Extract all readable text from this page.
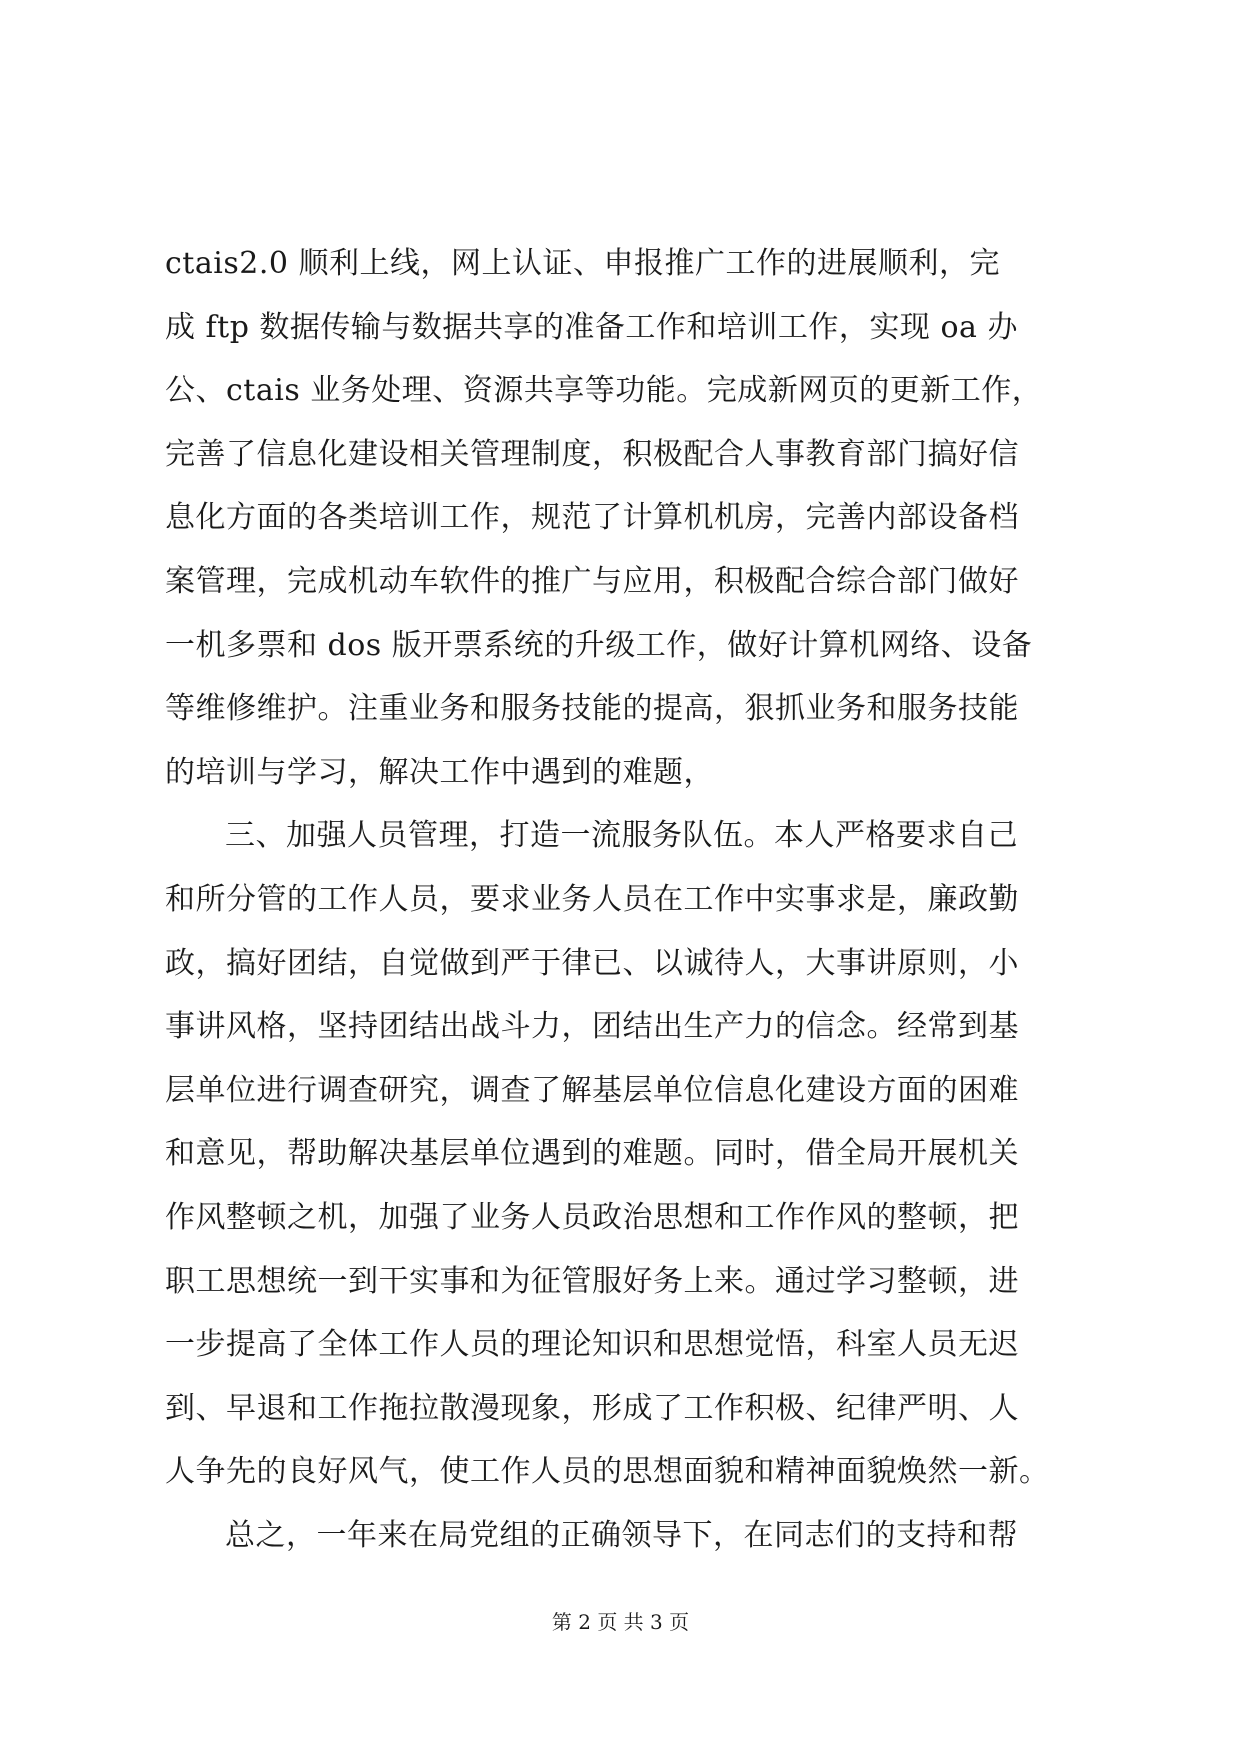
ctais2.0 顺利上线，网上认证、申报推广工作的进展顺利，完
成 ftp 数据传输与数据共享的准备工作和培训工作，实现 oa 办
公、ctais 业务处理、资源共享等功能。完成新网页的更新工作，
完善了信息化建设相关管理制度，积极配合人事教育部门搞好信
息化方面的各类培训工作，规范了计算机机房，完善内部设备档
案管理，完成机动车软件的推广与应用，积极配合综合部门做好
一机多票和 dos 版开票系统的升级工作，做好计算机网络、设备
等维修维护。注重业务和服务技能的提高，狠抓业务和服务技能
的培训与学习，解决工作中遇到的难题，
三、加强人员管理，打造一流服务队伍。本人严格要求自己
和所分管的工作人员，要求业务人员在工作中实事求是，廉政勤
政，搞好团结，自觉做到严于律已、以诚待人，大事讲原则，小
事讲风格，坚持团结出战斗力，团结出生产力的信念。经常到基
层单位进行调查研究，调查了解基层单位信息化建设方面的困难
和意见，帮助解决基层单位遇到的难题。同时，借全局开展机关
作风整顿之机，加强了业务人员政治思想和工作作风的整顿，把
职工思想统一到干实事和为征管服好务上来。通过学习整顿，进
一步提高了全体工作人员的理论知识和思想觉悟，科室人员无迟
到、早退和工作拖拉散漫现象，形成了工作积极、纪律严明、人
人争先的良好风气，使工作人员的思想面貌和精神面貌焕然一新。
总之，一年来在局党组的正确领导下，在同志们的支持和帮
第 2 页 共 3 页
